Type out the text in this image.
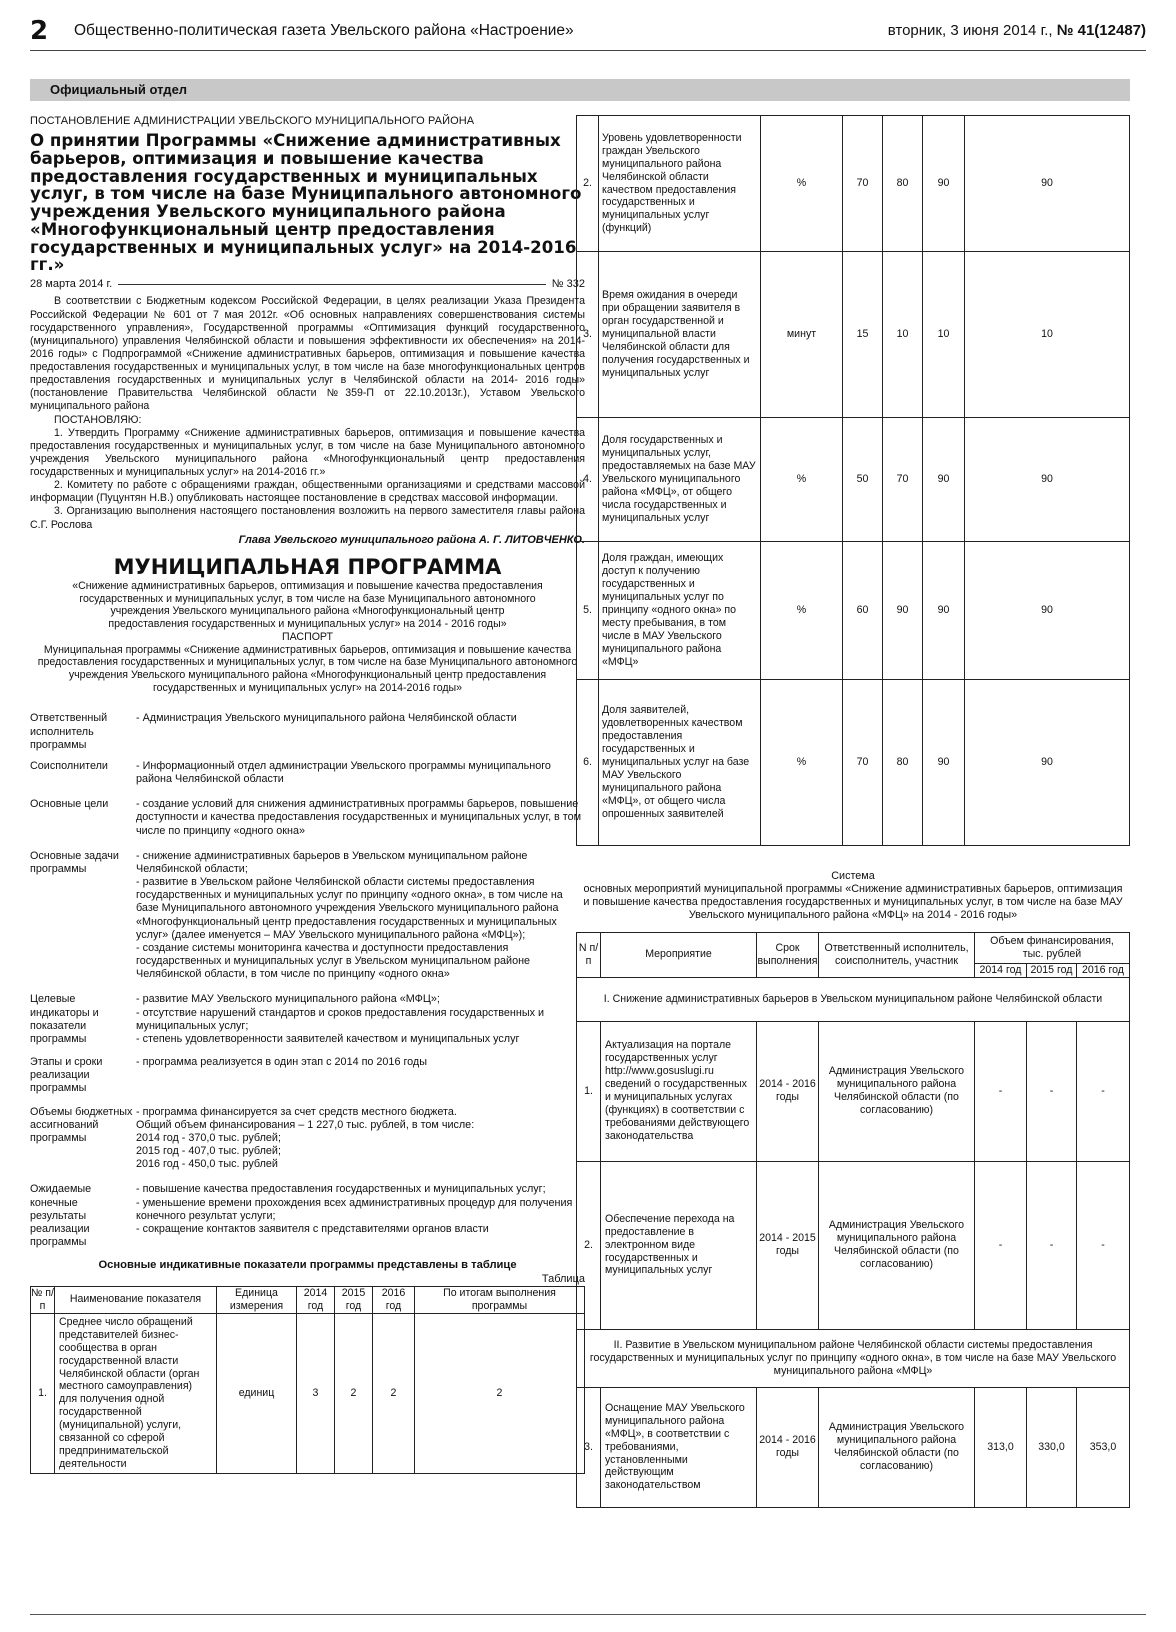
2 Общественно-политическая газета Увельского района «Настроение»	вторник, 3 июня 2014 г., № 41(12487)
Официальный отдел
ПОСТАНОВЛЕНИЕ АДМИНИСТРАЦИИ УВЕЛЬСКОГО МУНИЦИПАЛЬНОГО РАЙОНА
О принятии Программы «Снижение административных барьеров, оптимизация и повышение качества предоставления государственных и муниципальных услуг, в том числе на базе Муниципального автономного учреждения Увельского муниципального района «Многофункциональный центр предоставления государственных и муниципальных услуг» на 2014-2016 гг.»
28 марта 2014 г.	№ 332

В соответствии с Бюджетным кодексом Российской Федерации, в целях реализации Указа Президента Российской Федерации № 601 от 7 мая 2012г. «Об основных направлениях совершенствования системы государственного управления», Государственной программы «Оптимизация функций государственного (муниципального) управления Челябинской области и повышения эффективности их обеспечения» на 2014-2016 годы» с Подпрограммой «Снижение административных барьеров, оптимизация и повышение качества предоставления государственных и муниципальных услуг, в том числе на базе многофункциональных центров предоставления государственных и муниципальных услуг в Челябинской области на 2014- 2016 годы» (постановление Правительства Челябинской области №359-П от 22.10.2013г.), Уставом Увельского муниципального района

ПОСТАНОВЛЯЮ:

1. Утвердить Программу «Снижение административных барьеров, оптимизация и повышение качества предоставления государственных и муниципальных услуг, в том числе на базе Муниципального автономного учреждения Увельского муниципального района «Многофункциональный центр предоставления государственных и муниципальных услуг» на 2014-2016 гг.»

2. Комитету по работе с обращениями граждан, общественными организациями и средствами массовой информации (Пуцунтян Н.В.) опубликовать настоящее постановление в средствах массовой информации.

3. Организацию выполнения настоящего постановления возложить на первого заместителя главы района С.Г. Рослова

Глава Увельского муниципального района А. Г. ЛИТОВЧЕНКО.
МУНИЦИПАЛЬНАЯ ПРОГРАММА
«Снижение административных барьеров, оптимизация и повышение качества предоставления государственных и муниципальных услуг, в том числе на базе Муниципального автономного учреждения Увельского муниципального района «Многофункциональный центр предоставления государственных и муниципальных услуг» на 2014 - 2016 годы»
ПАСПОРТ
Муниципальная программы «Снижение административных барьеров, оптимизация и повышение качества предоставления государственных и муниципальных услуг, в том числе на базе Муниципального автономного учреждения Увельского муниципального района «Многофункциональный центр предоставления государственных и муниципальных услуг» на 2014-2016 годы»
Ответственный исполнитель программы
- Администрация Увельского муниципального района Челябинской области
Соисполнители	- Информационный отдел администрации Увельского программы муниципального района Челябинской области
Основные цели	- создание условий для снижения административных программы барьеров, повышение доступности и качества предоставления государственных и муниципальных услуг, в том числе по принципу «одного окна»
Основные задачи программы
- снижение административных барьеров в Увельском муниципальном районе Челябинской области;
- развитие в Увельском районе Челябинской области системы предоставления государственных и муниципальных услуг по принципу «одного окна», в том числе на базе Муниципального автономного учреждения Увельского муниципального района «Многофункциональный центр предоставления государственных и муниципальных услуг» (далее именуется – МАУ Увельского муниципального района «МФЦ»);
- создание системы мониторинга качества и доступности предоставления государственных и муниципальных услуг в Увельском муниципальном районе Челябинской области, в том числе по принципу «одного окна»
Целевые индикаторы и показатели программы
- развитие МАУ Увельского муниципального района «МФЦ»;
- отсутствие нарушений стандартов и сроков предоставления государственных и муниципальных услуг;
- степень удовлетворенности заявителей качеством и муниципальных услуг
Этапы и сроки реализации программы
- программа реализуется в один этап с 2014 по 2016 годы
Объемы бюджетных ассигнований программы
- программа финансируется за счет средств местного бюджета.
Общий объем финансирования – 1 227,0 тыс. рублей, в том числе:
2014 год - 370,0 тыс. рублей;
2015 год - 407,0 тыс. рублей;
2016 год - 450,0 тыс. рублей
Ожидаемые конечные результаты реализации программы
- повышение качества предоставления государственных и муниципальных услуг;
- уменьшение времени прохождения всех административных процедур для получения конечного результат услуги;
- сокращение контактов заявителя с представителями органов власти
Основные индикативные показатели программы представлены в таблице
Таблица
№ п/п	Наименование показателя	Единица измерения	2014 год	2015 год	2016 год	По итогам выполнения программы
1.	Среднее число обращений представителей бизнес-сообщества в орган государственной власти Челябинской области (орган местного самоуправления) для получения одной государственной (муниципальной) услуги, связанной со сферой предпринимательской деятельности	единиц	3	2	2	2
2.	Уровень удовлетворенности граждан Увельского муниципального района Челябинской области качеством предоставления государственных и муниципальных услуг (функций)	%	70	80	90	90
3.	Время ожидания в очереди при обращении заявителя в орган государственной и муниципальной власти Челябинской области для получения государственных и муниципальных услуг	минут	15	10	10	10
4.	Доля государственных и муниципальных услуг, предоставляемых на базе МАУ Увельского муниципального района «МФЦ», от общего числа государственных и муниципальных услуг	%	50	70	90	90
5.	Доля граждан, имеющих доступ к получению государственных и муниципальных услуг по принципу «одного окна» по месту пребывания, в том числе в МАУ Увельского муниципального района «МФЦ»	%	60	90	90	90
6.	Доля заявителей, удовлетворенных качеством предоставления государственных и муниципальных услуг на базе МАУ Увельского муниципального района «МФЦ», от общего числа опрошенных заявителей	%	70	80	90	90
Система
основных мероприятий муниципальной программы «Снижение административных барьеров, оптимизация и повышение качества предоставления государственных и муниципальных услуг, в том числе на базе МАУ Увельского муниципального района «МФЦ» на 2014 - 2016 годы»
N п/п	Мероприятие	Срок выполнения	Ответственный исполнитель, соисполнитель, участник	Объем финансирования, тыс. рублей		
				2014 год	2015 год	2016 год
I. Снижение административных барьеров в Увельском муниципальном районе Челябинской области						
1.	Актуализация на портале государственных услуг http://www.gosuslugi.ru сведений о государственных и муниципальных услугах (функциях) в соответствии с требованиями действующего законодательства	2014 - 2016 годы	Администрация Увельского муниципального района Челябинской области (по согласованию)	-	-	-
2.	Обеспечение перехода на предоставление в электронном виде государственных и муниципальных услуг	2014 - 2015 годы	Администрация Увельского муниципального района Челябинской области (по согласованию)	-	-	-
II. Развитие в Увельском муниципальном районе Челябинской области системы предоставления государственных и муниципальных услуг по принципу «одного окна», в том числе на базе МАУ Увельского муниципального района «МФЦ»						
3.	Оснащение МАУ Увельского муниципального района «МФЦ», в соответствии с требованиями, установленными действующим законодательством	2014 - 2016 годы	Администрация Увельского муниципального района Челябинской области (по согласованию)	313,0	330,0	353,0
